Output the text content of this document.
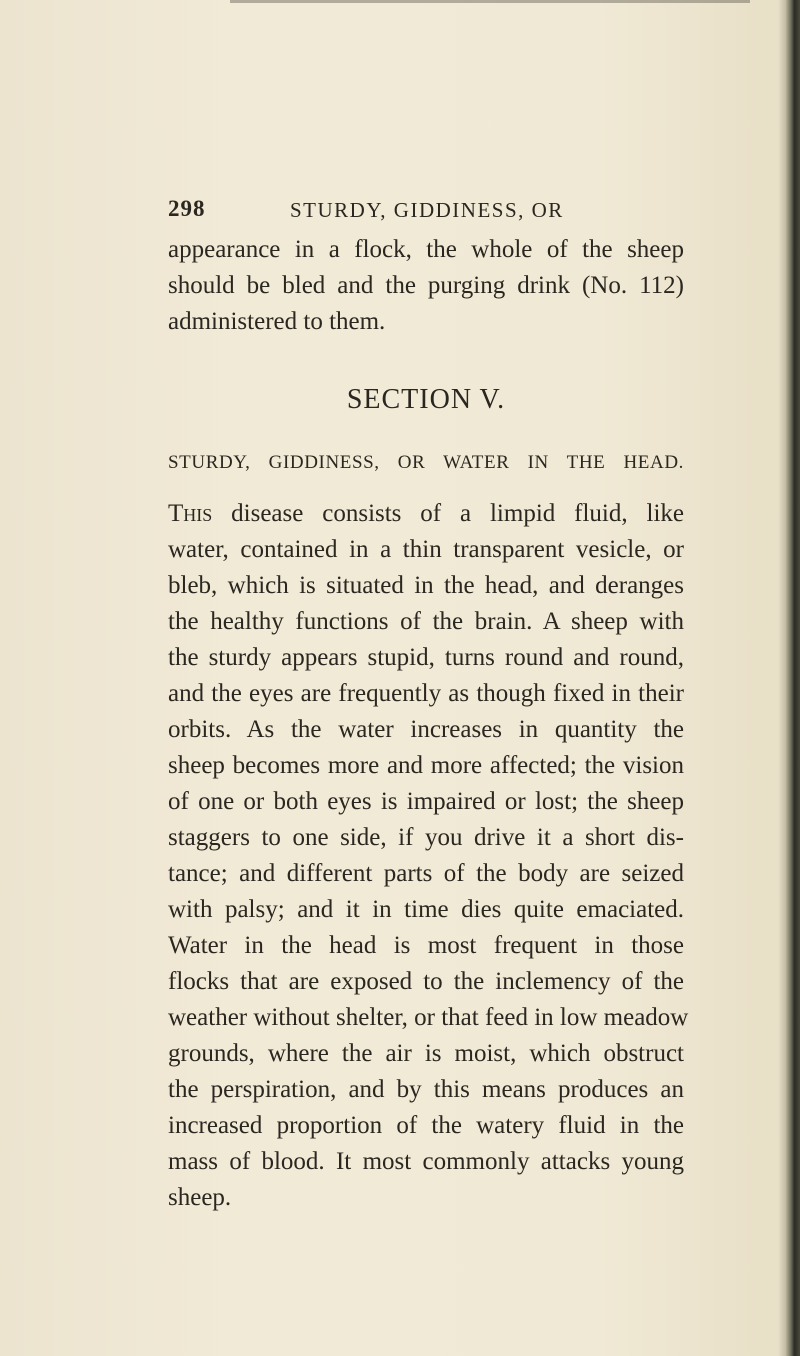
298	STURDY, GIDDINESS, OR
appearance in a flock, the whole of the sheep
should be bled and the purging drink (No. 112)
administered to them.
SECTION V.
STURDY, GIDDINESS, OR WATER IN THE HEAD.
This disease consists of a limpid fluid, like
water, contained in a thin transparent vesicle, or
bleb, which is situated in the head, and deranges
the healthy functions of the brain. A sheep with
the sturdy appears stupid, turns round and round,
and the eyes are frequently as though fixed in their
orbits. As the water increases in quantity the
sheep becomes more and more affected; the vision
of one or both eyes is impaired or lost; the sheep
staggers to one side, if you drive it a short dis-
tance; and different parts of the body are seized
with palsy; and it in time dies quite emaciated.
Water in the head is most frequent in those
flocks that are exposed to the inclemency of the
weather without shelter, or that feed in low meadow
grounds, where the air is moist, which obstruct
the perspiration, and by this means produces an
increased proportion of the watery fluid in the
mass of blood. It most commonly attacks young
sheep.
